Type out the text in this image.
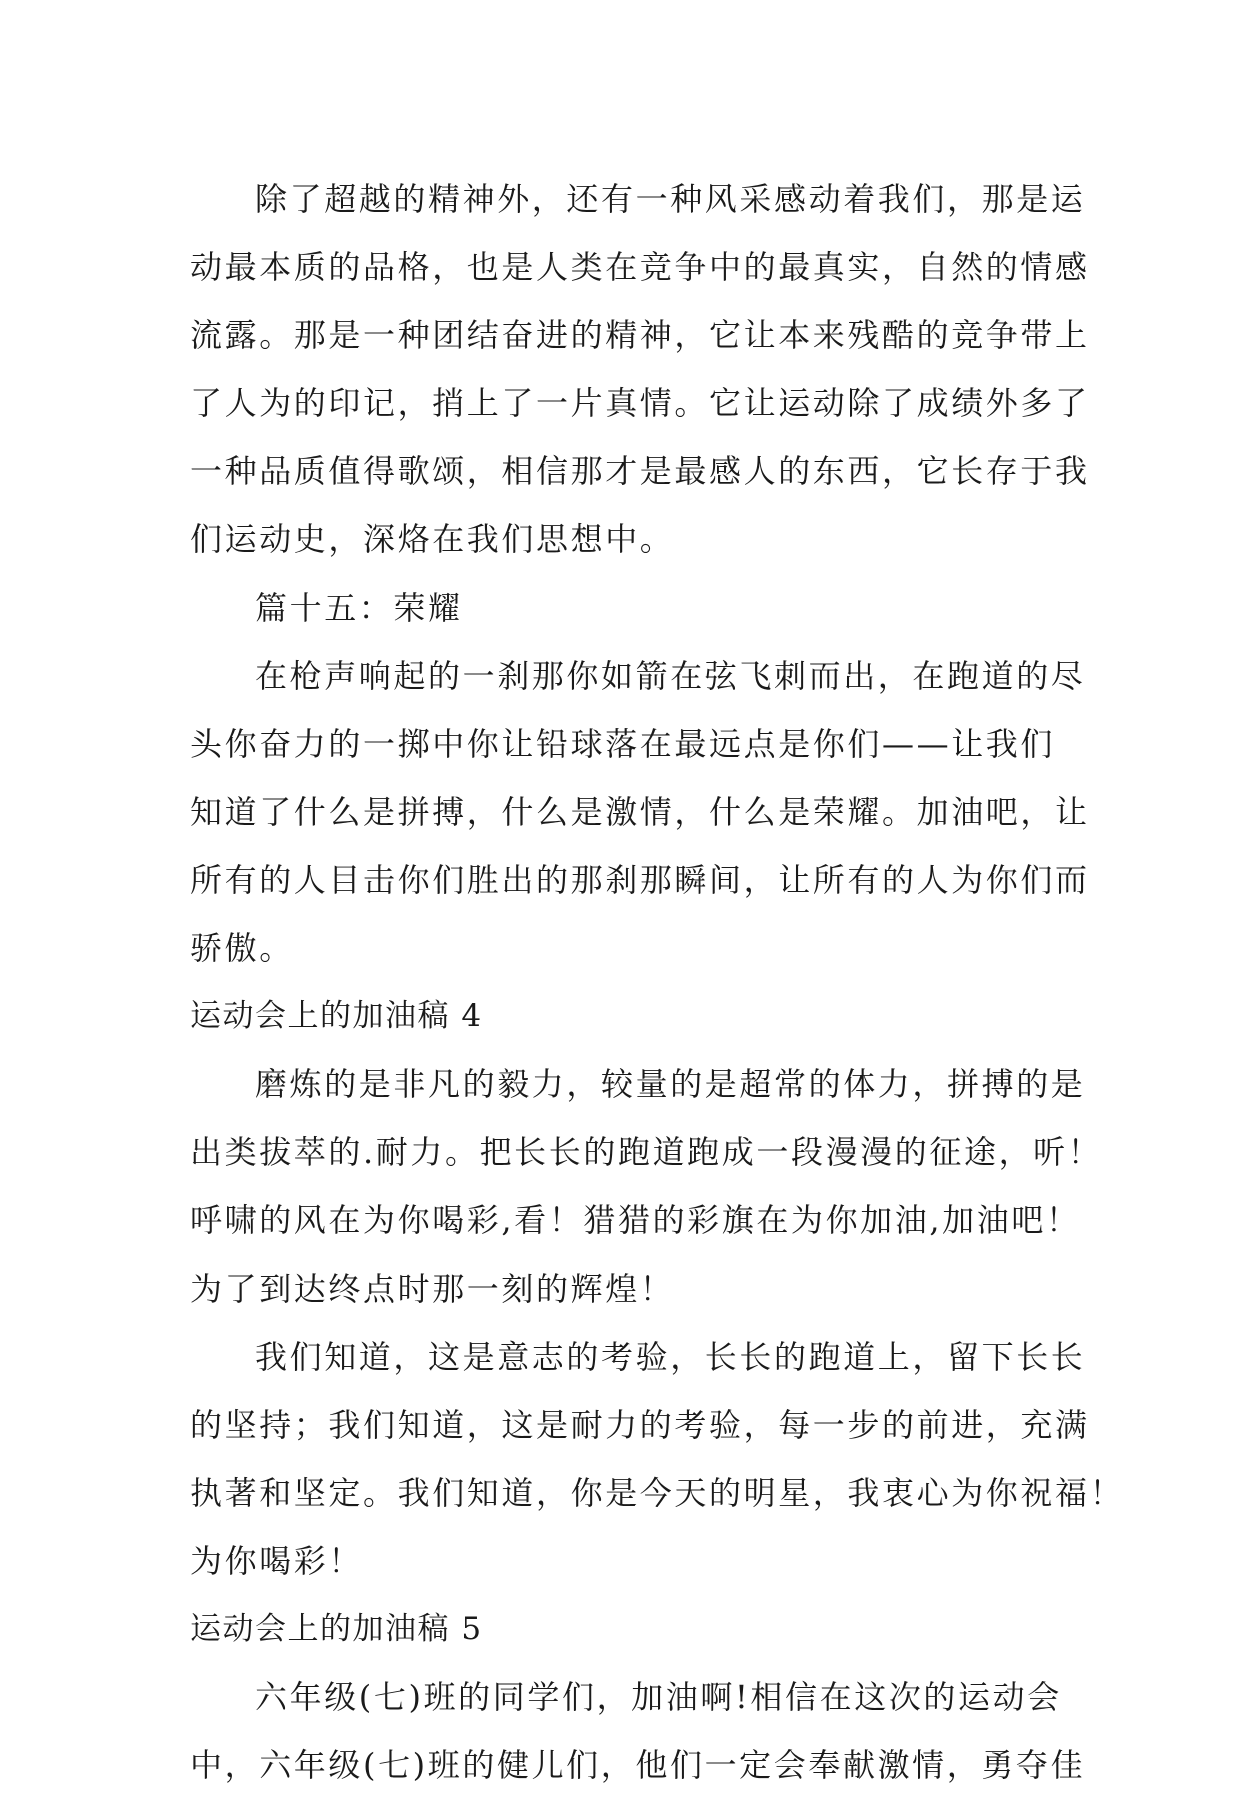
除了超越的精神外，还有一种风采感动着我们，那是运
动最本质的品格，也是人类在竞争中的最真实，自然的情感
流露。那是一种团结奋进的精神，它让本来残酷的竞争带上
了人为的印记，捎上了一片真情。它让运动除了成绩外多了
一种品质值得歌颂，相信那才是最感人的东西，它长存于我
们运动史，深烙在我们思想中。
篇十五：荣耀
在枪声响起的一刹那你如箭在弦飞刺而出，在跑道的尽
头你奋力的一掷中你让铅球落在最远点是你们——让我们
知道了什么是拼搏，什么是激情，什么是荣耀。加油吧，让
所有的人目击你们胜出的那刹那瞬间，让所有的人为你们而
骄傲。
运动会上的加油稿 4
磨炼的是非凡的毅力，较量的是超常的体力，拼搏的是
出类拔萃的.耐力。把长长的跑道跑成一段漫漫的征途，听！
呼啸的风在为你喝彩,看！猎猎的彩旗在为你加油,加油吧！
为了到达终点时那一刻的辉煌！
我们知道，这是意志的考验，长长的跑道上，留下长长
的坚持；我们知道，这是耐力的考验，每一步的前进，充满
执著和坚定。我们知道，你是今天的明星，我衷心为你祝福！
为你喝彩！
运动会上的加油稿 5
六年级(七)班的同学们，加油啊!相信在这次的运动会
中，六年级(七)班的健儿们，他们一定会奉献激情，勇夺佳
